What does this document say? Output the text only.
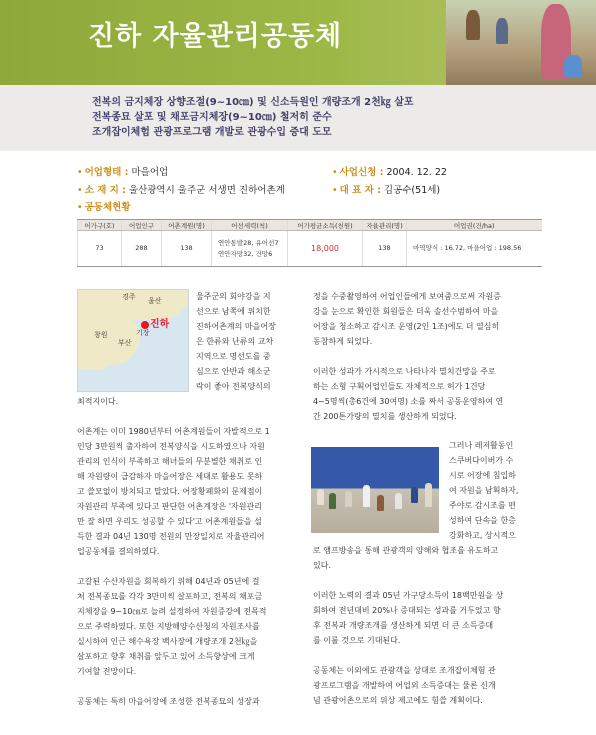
진하 자율관리공동체
전복의 금지체장 상향조절(9~10㎝) 및 신소득원인 개량조개 2천㎏ 살포
전복종묘 살포 및 채포금지체장(9~10㎝) 철저히 준수
조개잡이체험 관광프로그램 개발로 관광수입 증대 도모
• 어업형태 : 마을어업	• 사업신청 : 2004. 12. 22
• 소 재 지 : 울산광역시 울주군 서생면 진하어촌계	• 대 표 자 : 김공수(51세)
• 공동체현황
어가구(호)	어업인구	어촌계원(명)	어선세력(척)	어가평균소득(천원)	자율관리(명)	어업권(건/ha)
73	288	138	연안통발28, 유어선7
연안자망32, 건망6	18,000	138	마역양식 : 16.72, 마을어업 : 198.56
울산
경주
창원
부산
기장
진하
울주군의 회야강을 지
선으로 남쪽에 위치한
진하어촌계의 마을어장
은 한류와 난류의 교차
지역으로 명선도를 중
심으로 안반과 해소군
락이 좋아 전복양식의
최적지이다.
어촌계는 이미 1980년부터 어촌계원들이 자발적으로 1
인당 3만원씩 출자하여 전복양식을 시도하였으나 자원
관리의 인식이 부족하고 해녀들의 무분별한 채취로 인
해 자원량이 급감하자 마을어장은 세대로 활용도 못하
고 쓸모없이 방치되고 말았다. 어장황폐화의 문제점이
자원관리 부족에 있다고 판단한 어촌계장은 '자원관리
만 잘 하면 우리도 성공할 수 있다'고 어촌계원들을 설
득한 결과 04년 130명 전원의 만장일치로 자율관리어
업공동체를 결의하였다.
고갈된 수산자원을 회복하기 위해 04년과 05년에 걸
쳐 전복종묘를 각각 3만미씩 살포하고, 전복의 채포금
지체장을 9~10㎝로 늘려 설정하여 자원증강에 전목적
으로 주력하였다. 또한 지방해양수산청의 자원조사를
실시하여 인근 해수욕장 백사장에 개량조개 2천㎏을
살포하고 향후 채취를 앞두고 있어 소득향상에 크게
기여할 전망이다.
공동체는 특히 마을어장에 조성한 전복종묘의 성장과
정을 수중촬영하여 어업인들에게 보여줌으로써 자원증
강을 눈으로 확인한 회원들은 더욱 솔선수범하여 마을
어장을 청소하고 감시조 운영(2인 1조)에도 더 열심히
동참하게 되었다.
이러한 성과가 가시적으로 나타나자 멸치건망을 주로
하는 소형 구획어업인들도 자체적으로 허가 1건당
4~5명씩(총6건에 30여명) 소를 짜서 공동운영하여 연
간 200톤가량의 멸치를 생산하게 되었다.
그러나 레저활동인
스쿠버다이버가 수
시로 어장에 침입하
여 자원을 남획하자,
주야로 감시조를 편
성하여 단속을 한층
강화하고, 상시적으
로 앰프방송을 통해 관광객의 양해와 협조를 유도하고
있다.
이러한 노력의 결과 05년 가구당소득이 18백만원을 상
회하여 전년대비 20%나 증대되는 성과를 거두었고 향
후 전복과 개량조개를 생산하게 되면 더 큰 소득증대
를 이룰 것으로 기대된다.
공동체는 이외에도 관광객을 상대로 조개잡이체험 관
광프로그램을 개발하여 어업외 소득증대는 물론 신개
념 관광어촌으로의 위상 제고에도 힘쓸 계획이다.
